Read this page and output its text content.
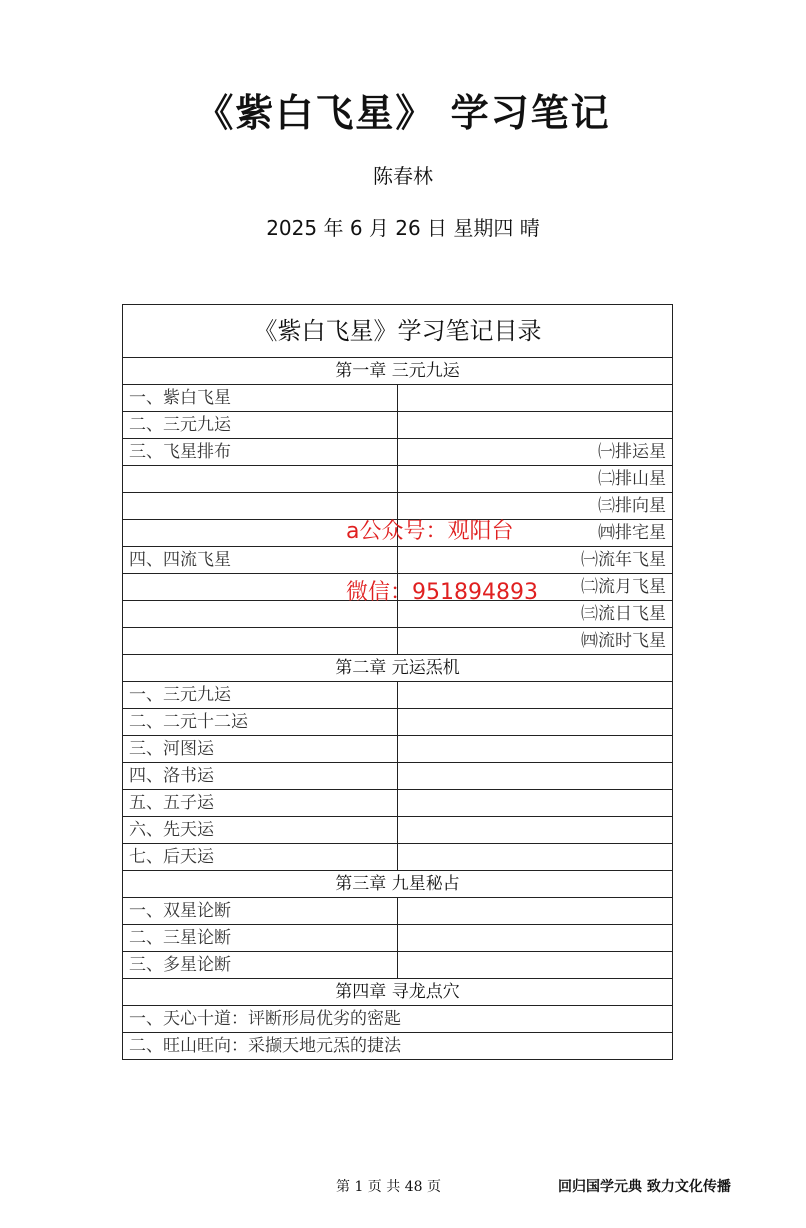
《紫白飞星》 学习笔记
陈春林
2025 年 6 月 26 日 星期四 晴
《紫白飞星》学习笔记目录	
第一章 三元九运	
一、紫白飞星	
二、三元九运	
三、飞星排布	㈠排运星
	㈡排山星
	㈢排向星
	㈣排宅星
四、四流飞星	㈠流年飞星
	㈡流月飞星
	㈢流日飞星
	㈣流时飞星
第二章 元运炁机	
一、三元九运	
二、二元十二运	
三、河图运	
四、洛书运	
五、五子运	
六、先天运	
七、后天运	
第三章 九星秘占	
一、双星论断	
二、三星论断	
三、多星论断	
第四章 寻龙点穴	
一、天心十道：评断形局优劣的密匙	
二、旺山旺向：采撷天地元炁的捷法	
a公众号：观阳台
微信：951894893
第 1 页 共 48 页	回归国学元典 致力文化传播
